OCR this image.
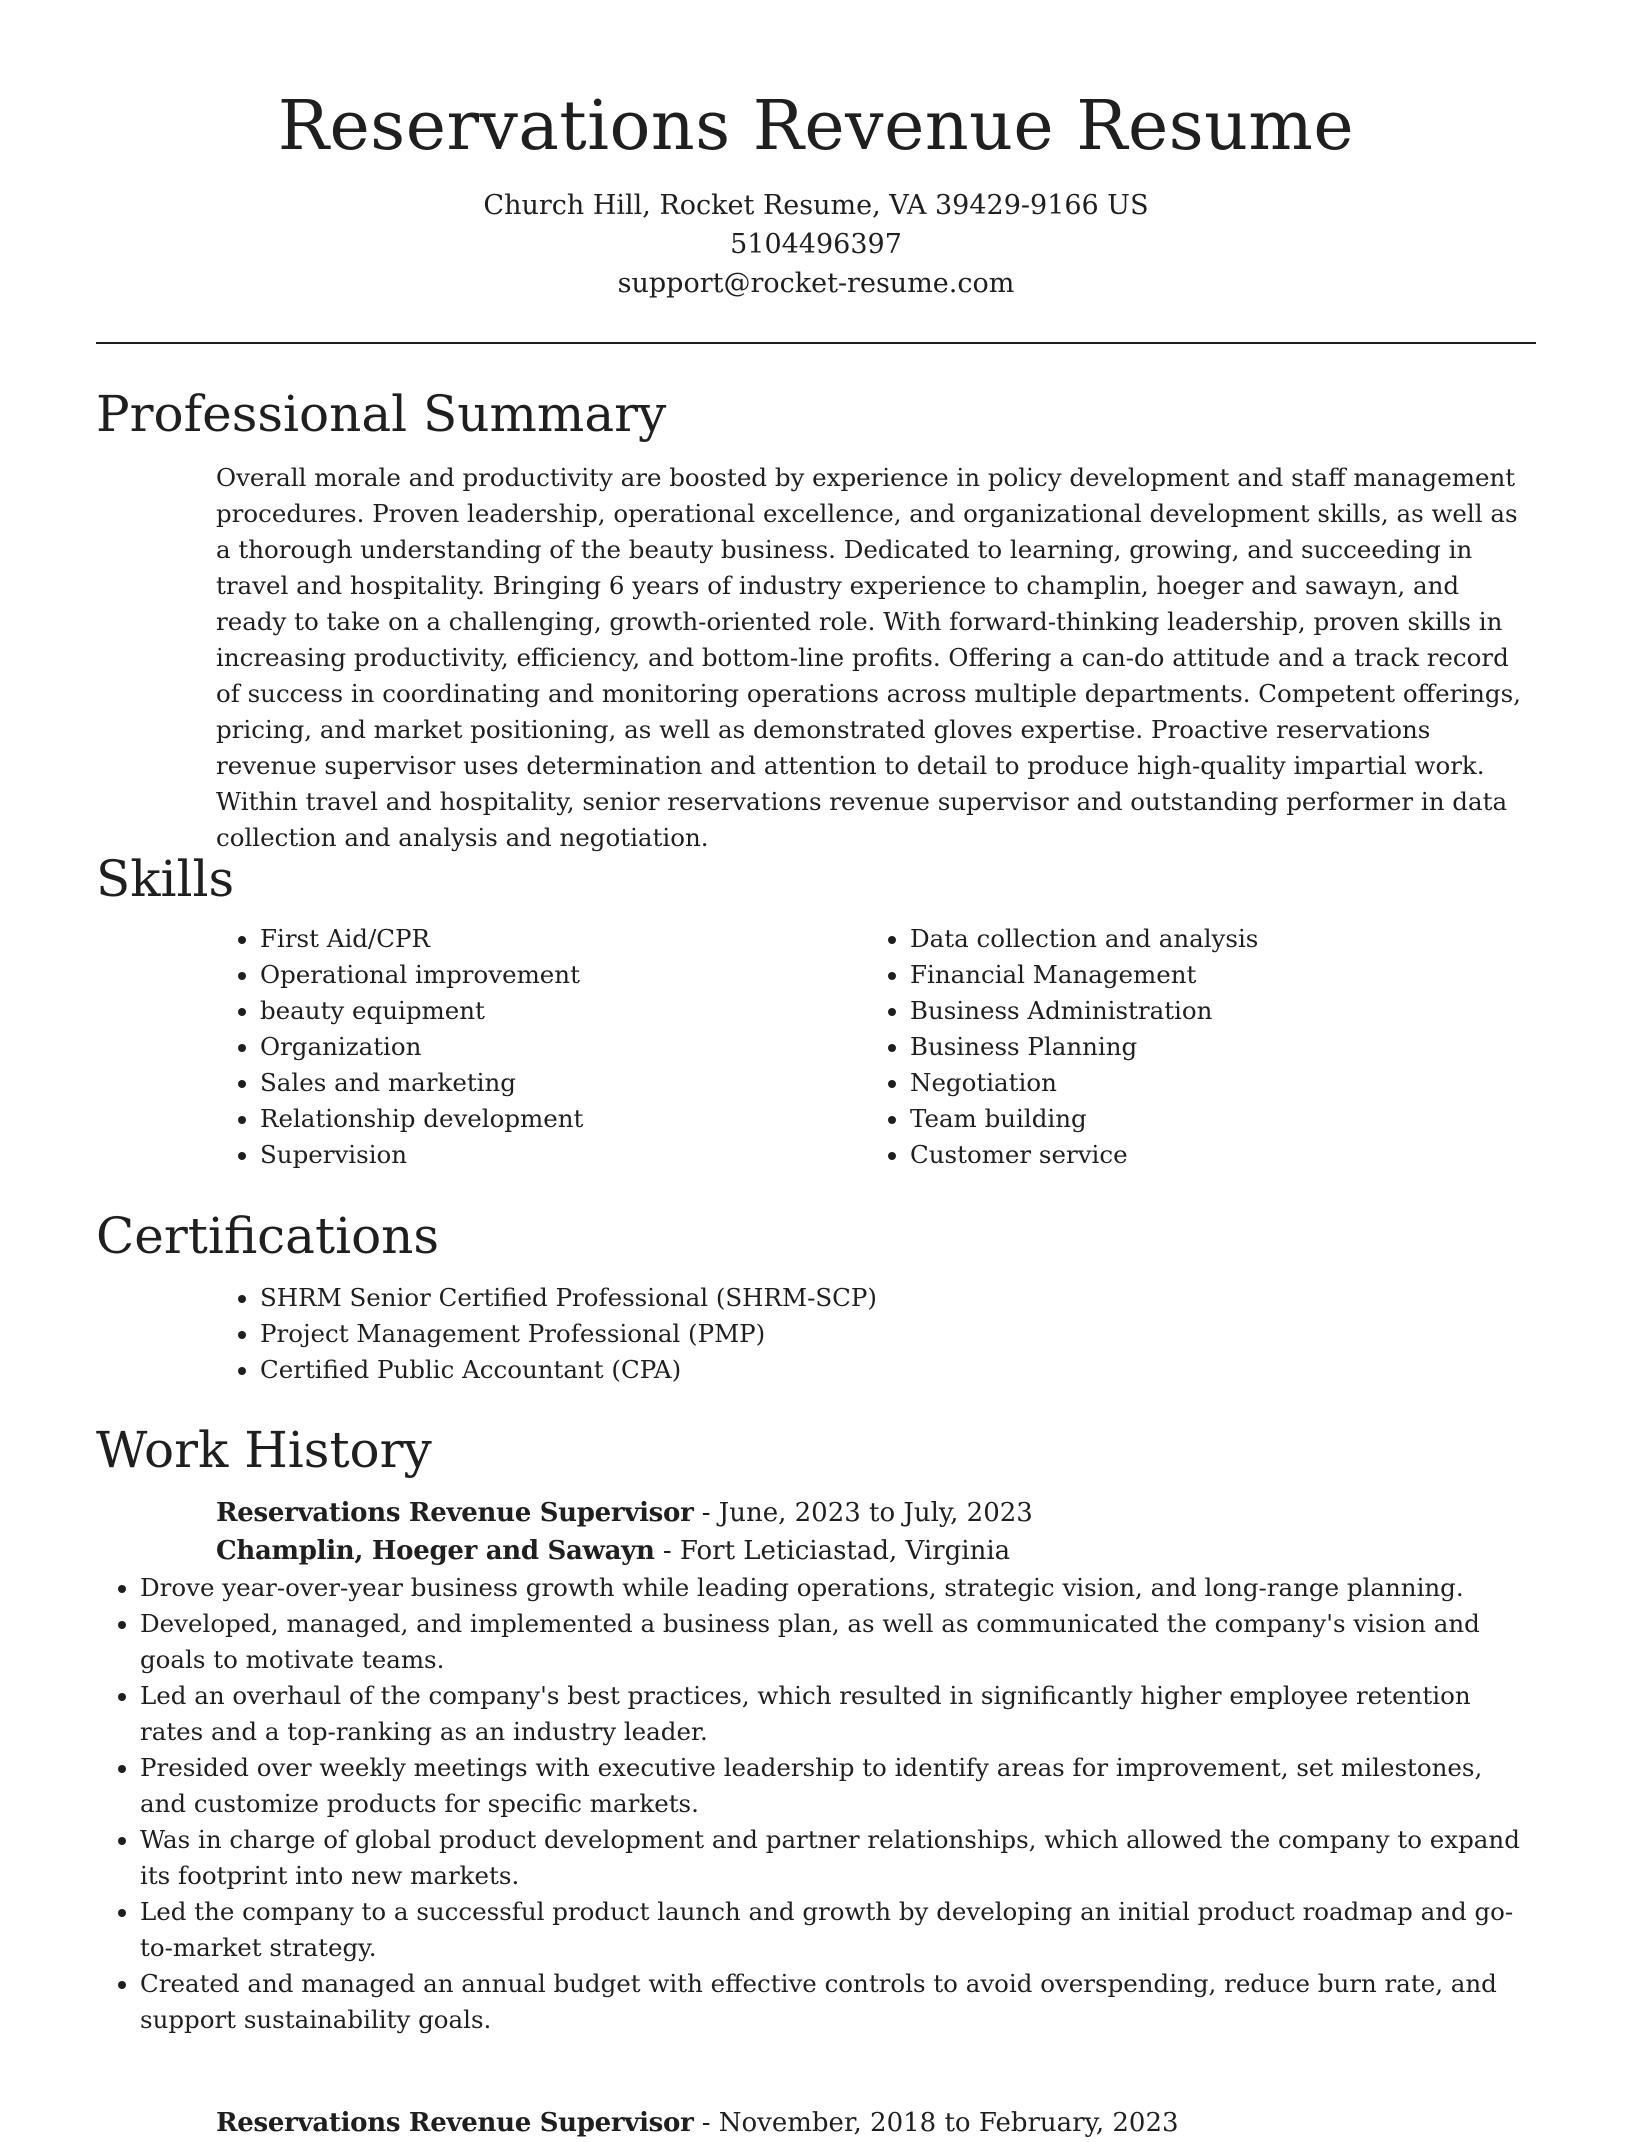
Reservations Revenue Resume
Church Hill, Rocket Resume, VA 39429-9166 US
5104496397
support@rocket-resume.com
Professional Summary

Overall morale and productivity are boosted by experience in policy development and staff management procedures. Proven leadership, operational excellence, and organizational development skills, as well as a thorough understanding of the beauty business. Dedicated to learning, growing, and succeeding in travel and hospitality. Bringing 6 years of industry experience to champlin, hoeger and sawayn, and ready to take on a challenging, growth-oriented role. With forward-thinking leadership, proven skills in increasing productivity, efficiency, and bottom-line profits. Offering a can-do attitude and a track record of success in coordinating and monitoring operations across multiple departments. Competent offerings, pricing, and market positioning, as well as demonstrated gloves expertise. Proactive reservations revenue supervisor uses determination and attention to detail to produce high-quality impartial work. Within travel and hospitality, senior reservations revenue supervisor and outstanding performer in data collection and analysis and negotiation.

Skills
• First Aid/CPR
• Operational improvement
• beauty equipment
• Organization
• Sales and marketing
• Relationship development
• Supervision
• Data collection and analysis
• Financial Management
• Business Administration
• Business Planning
• Negotiation
• Team building
• Customer service
Certifications
• SHRM Senior Certified Professional (SHRM-SCP)
• Project Management Professional (PMP)
• Certified Public Accountant (CPA)
Work History
Reservations Revenue Supervisor - June, 2023 to July, 2023
Champlin, Hoeger and Sawayn - Fort Leticiastad, Virginia
• Drove year-over-year business growth while leading operations, strategic vision, and long-range planning.
• Developed, managed, and implemented a business plan, as well as communicated the company's vision and goals to motivate teams.
• Led an overhaul of the company's best practices, which resulted in significantly higher employee retention rates and a top-ranking as an industry leader.
• Presided over weekly meetings with executive leadership to identify areas for improvement, set milestones, and customize products for specific markets.
• Was in charge of global product development and partner relationships, which allowed the company to expand its footprint into new markets.
• Led the company to a successful product launch and growth by developing an initial product roadmap and go-to-market strategy.
• Created and managed an annual budget with effective controls to avoid overspending, reduce burn rate, and support sustainability goals.
Reservations Revenue Supervisor - November, 2018 to February, 2023
